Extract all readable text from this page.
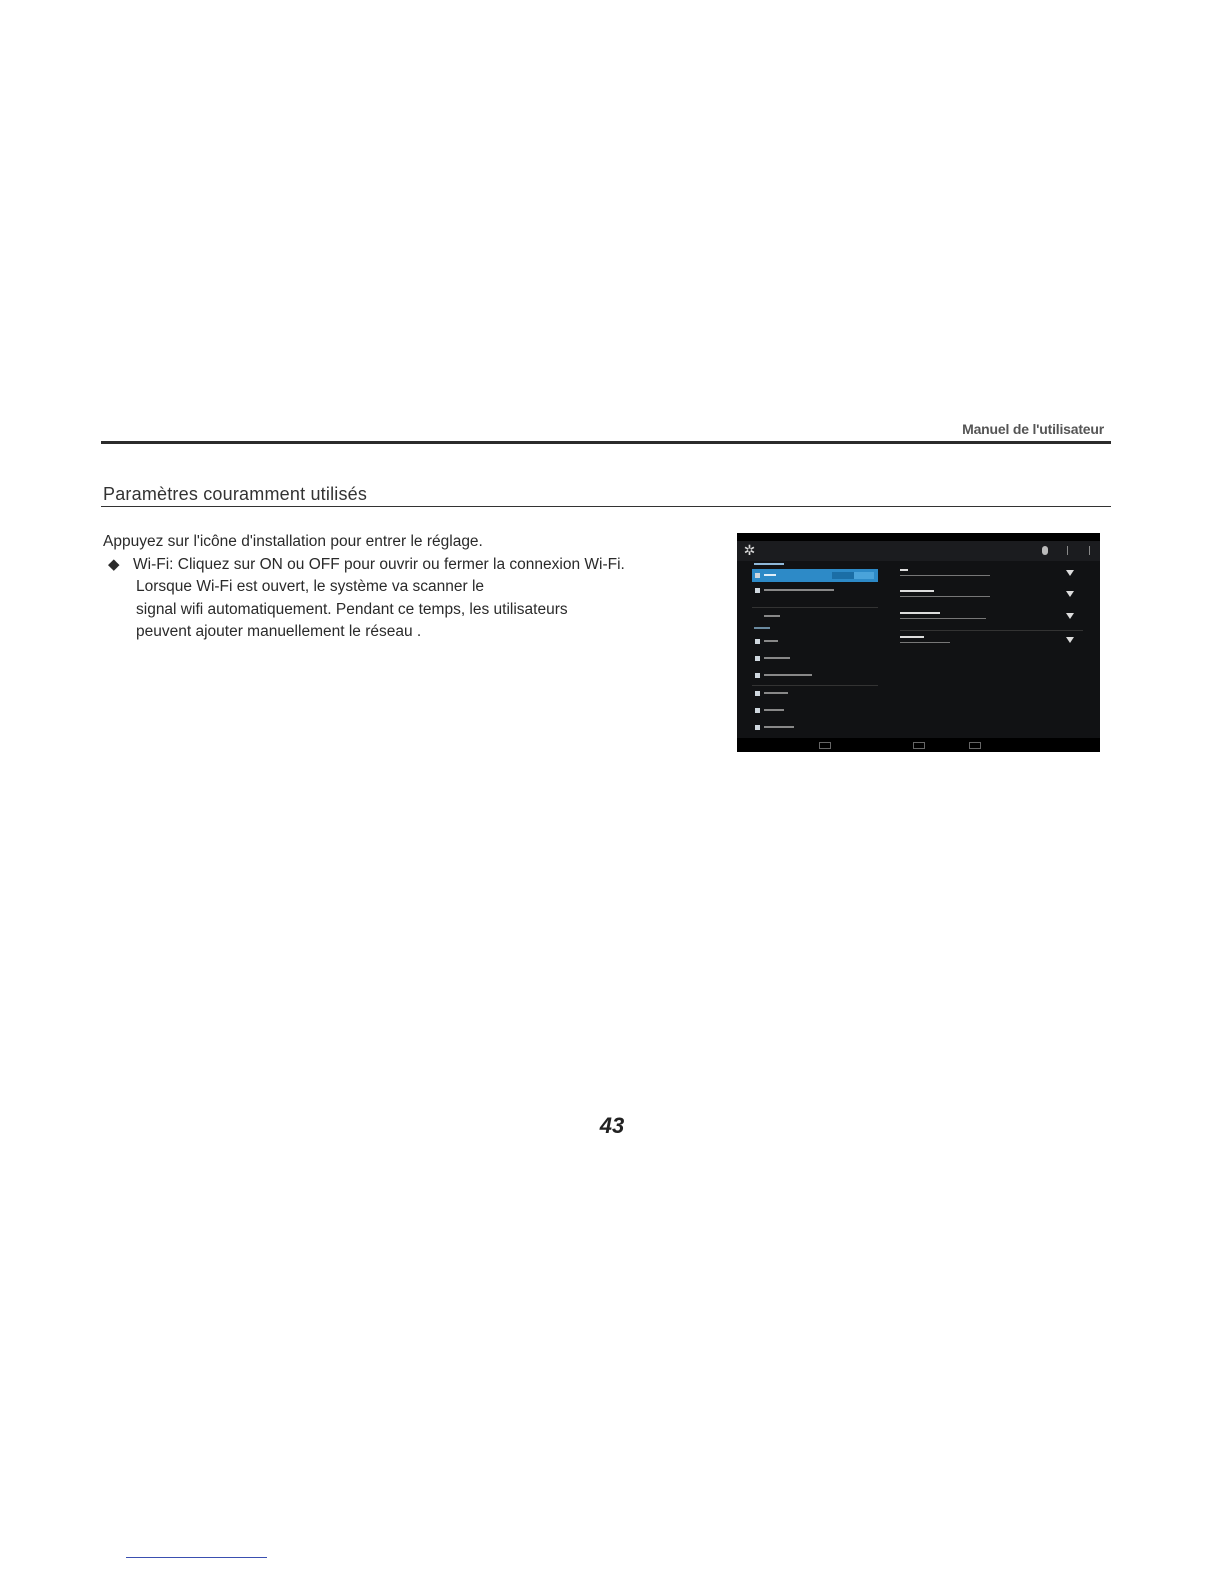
Manuel de l'utilisateur
Paramètres couramment utilisés
Appuyez sur l'icône d'installation pour entrer le réglage.
◆ Wi-Fi: Cliquez sur ON ou OFF pour ouvrir ou fermer la connexion Wi-Fi.
Lorsque Wi-Fi est ouvert, le système va scanner le
signal wifi automatiquement. Pendant ce temps, les utilisateurs
peuvent ajouter manuellement le réseau .
✲
43
